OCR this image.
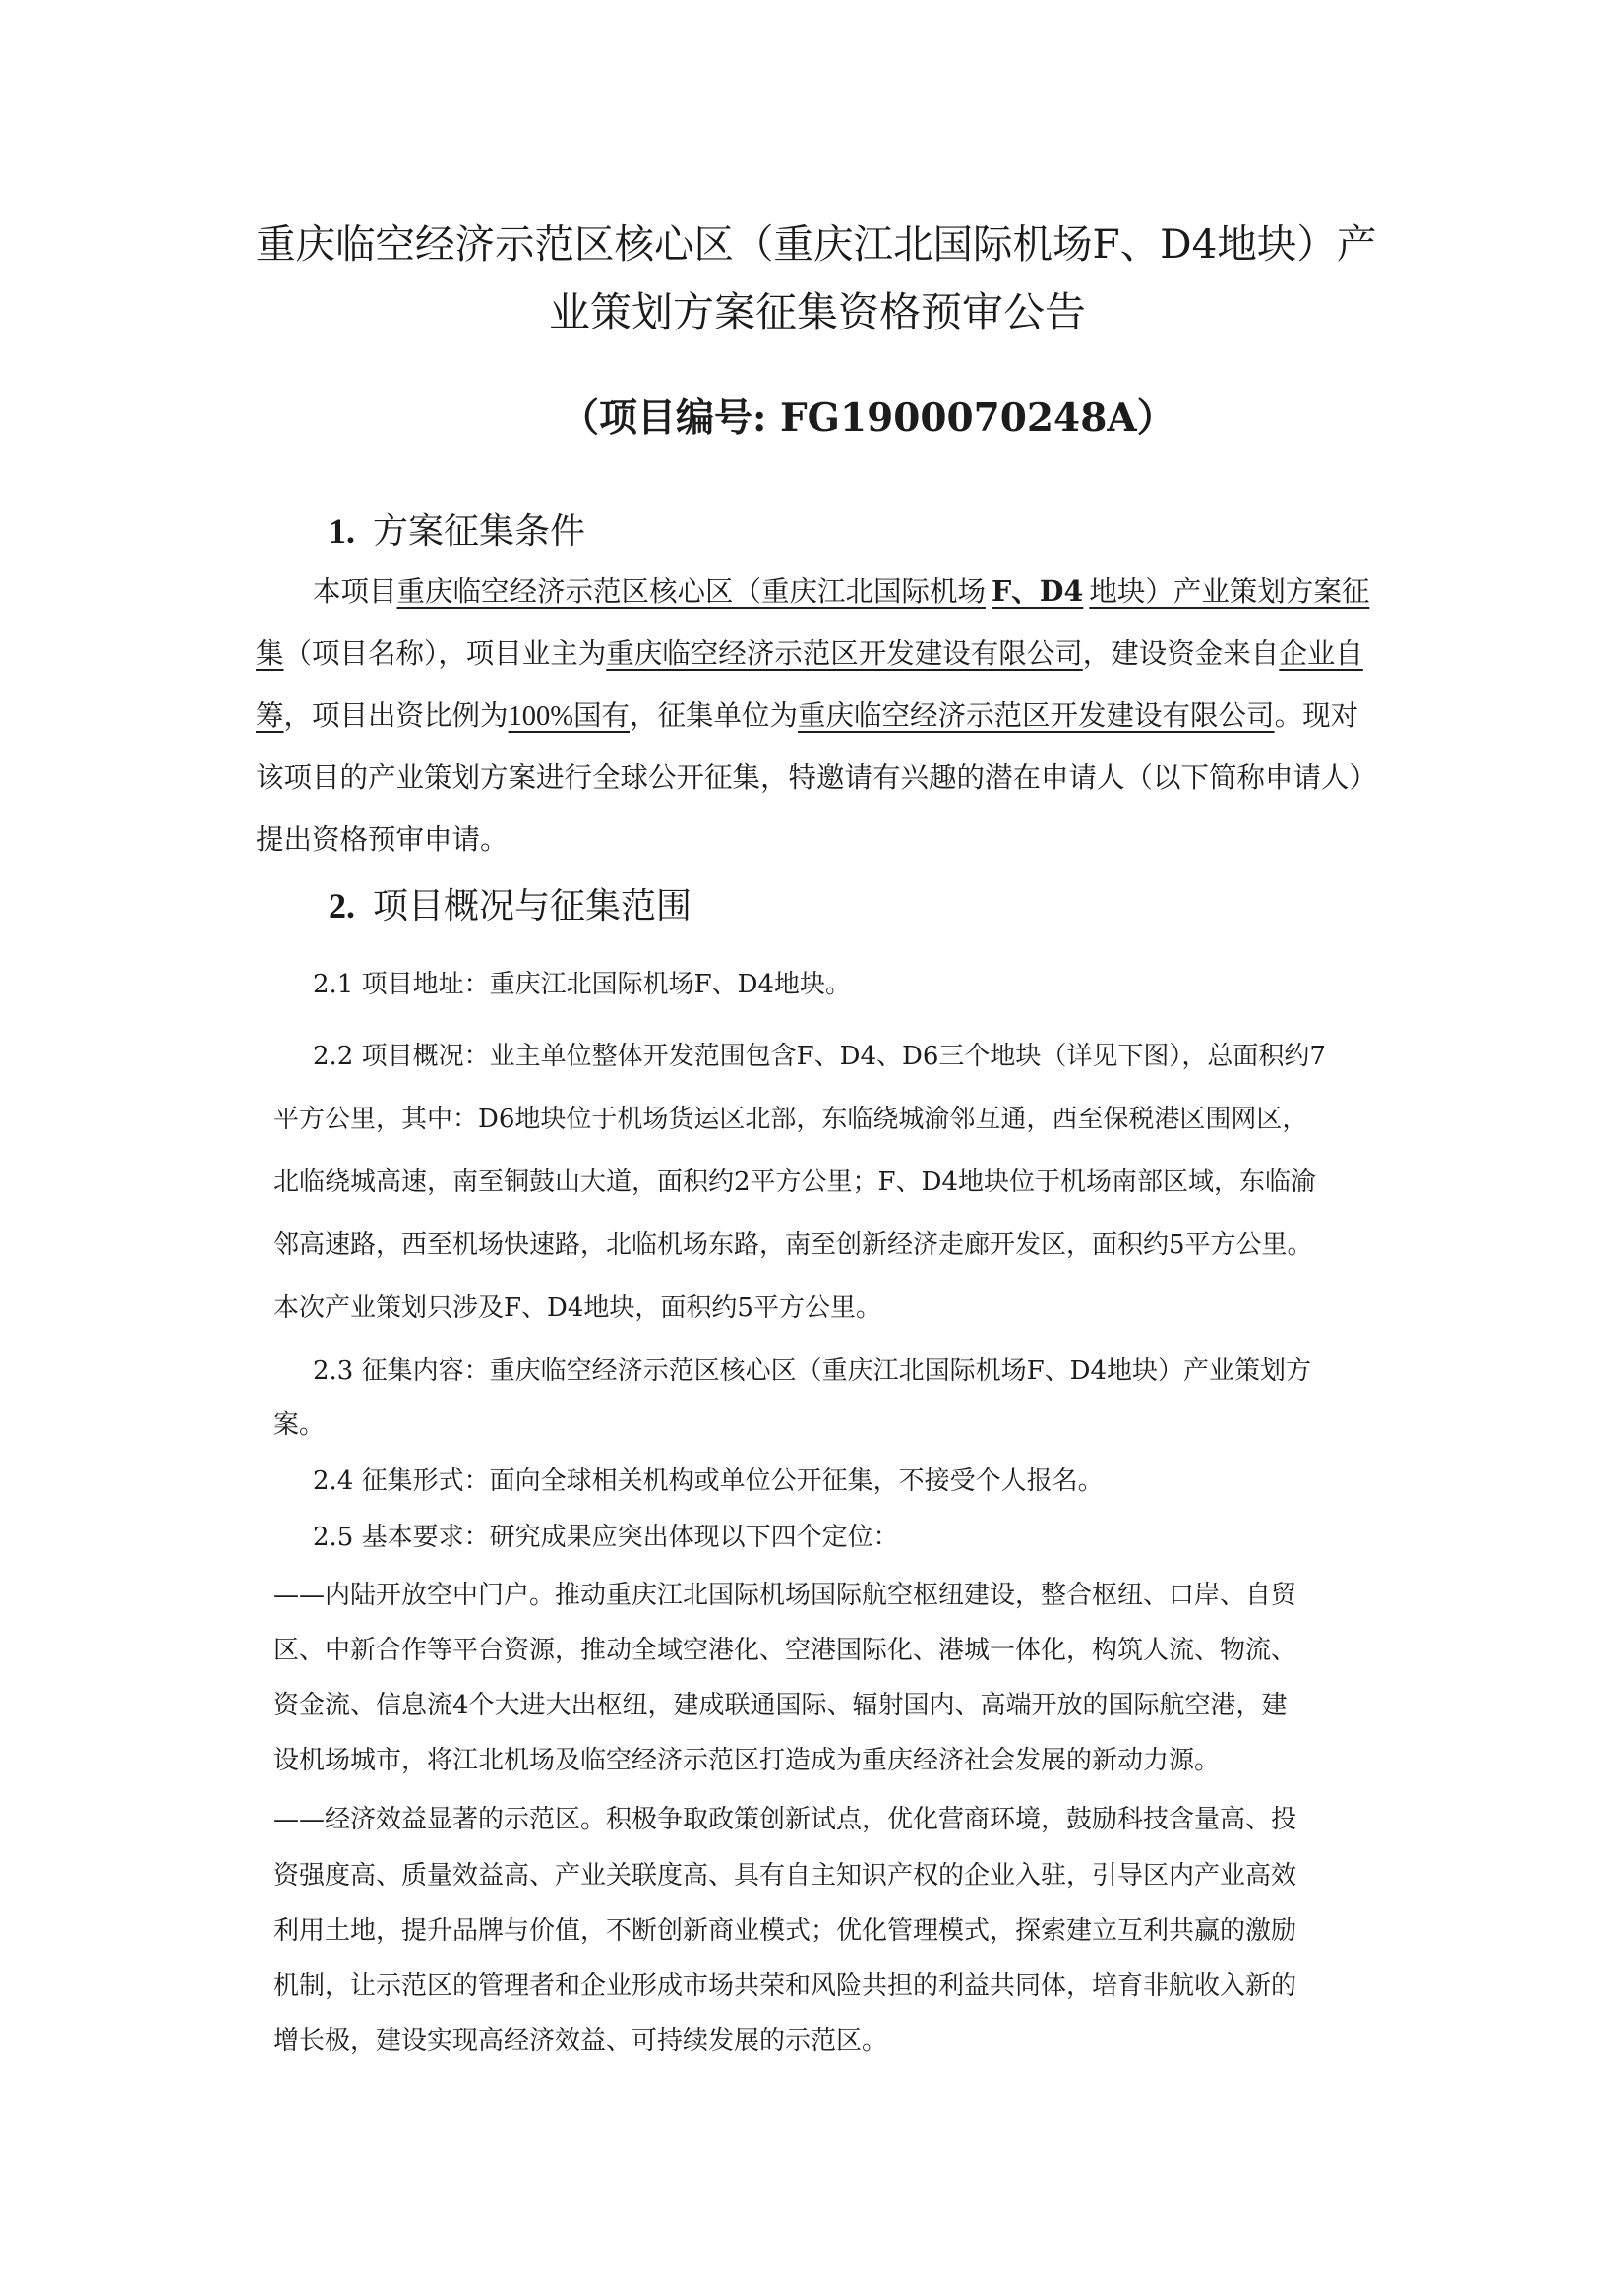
重庆临空经济示范区核心区（重庆江北国际机场F、D4地块）产
业策划方案征集资格预审公告
（项目编号: FG1900070248A）
1. 方案征集条件
本项目重庆临空经济示范区核心区（重庆江北国际机场 F、D4 地块）产业策划方案征
集（项目名称），项目业主为重庆临空经济示范区开发建设有限公司，建设资金来自企业自
筹，项目出资比例为100%国有，征集单位为重庆临空经济示范区开发建设有限公司。现对
该项目的产业策划方案进行全球公开征集，特邀请有兴趣的潜在申请人（以下简称申请人）
提出资格预审申请。
2. 项目概况与征集范围
2.1 项目地址：重庆江北国际机场F、D4地块。
2.2 项目概况：业主单位整体开发范围包含F、D4、D6三个地块（详见下图），总面积约7
平方公里，其中：D6地块位于机场货运区北部，东临绕城渝邻互通，西至保税港区围网区，
北临绕城高速，南至铜鼓山大道，面积约2平方公里；F、D4地块位于机场南部区域，东临渝
邻高速路，西至机场快速路，北临机场东路，南至创新经济走廊开发区，面积约5平方公里。
本次产业策划只涉及F、D4地块，面积约5平方公里。
2.3 征集内容：重庆临空经济示范区核心区（重庆江北国际机场F、D4地块）产业策划方
案。
2.4 征集形式：面向全球相关机构或单位公开征集，不接受个人报名。
2.5 基本要求：研究成果应突出体现以下四个定位：
——内陆开放空中门户。推动重庆江北国际机场国际航空枢纽建设，整合枢纽、口岸、自贸
区、中新合作等平台资源，推动全域空港化、空港国际化、港城一体化，构筑人流、物流、
资金流、信息流4个大进大出枢纽，建成联通国际、辐射国内、高端开放的国际航空港，建
设机场城市，将江北机场及临空经济示范区打造成为重庆经济社会发展的新动力源。
——经济效益显著的示范区。积极争取政策创新试点，优化营商环境，鼓励科技含量高、投
资强度高、质量效益高、产业关联度高、具有自主知识产权的企业入驻，引导区内产业高效
利用土地，提升品牌与价值，不断创新商业模式；优化管理模式，探索建立互利共赢的激励
机制，让示范区的管理者和企业形成市场共荣和风险共担的利益共同体，培育非航收入新的
增长极，建设实现高经济效益、可持续发展的示范区。
